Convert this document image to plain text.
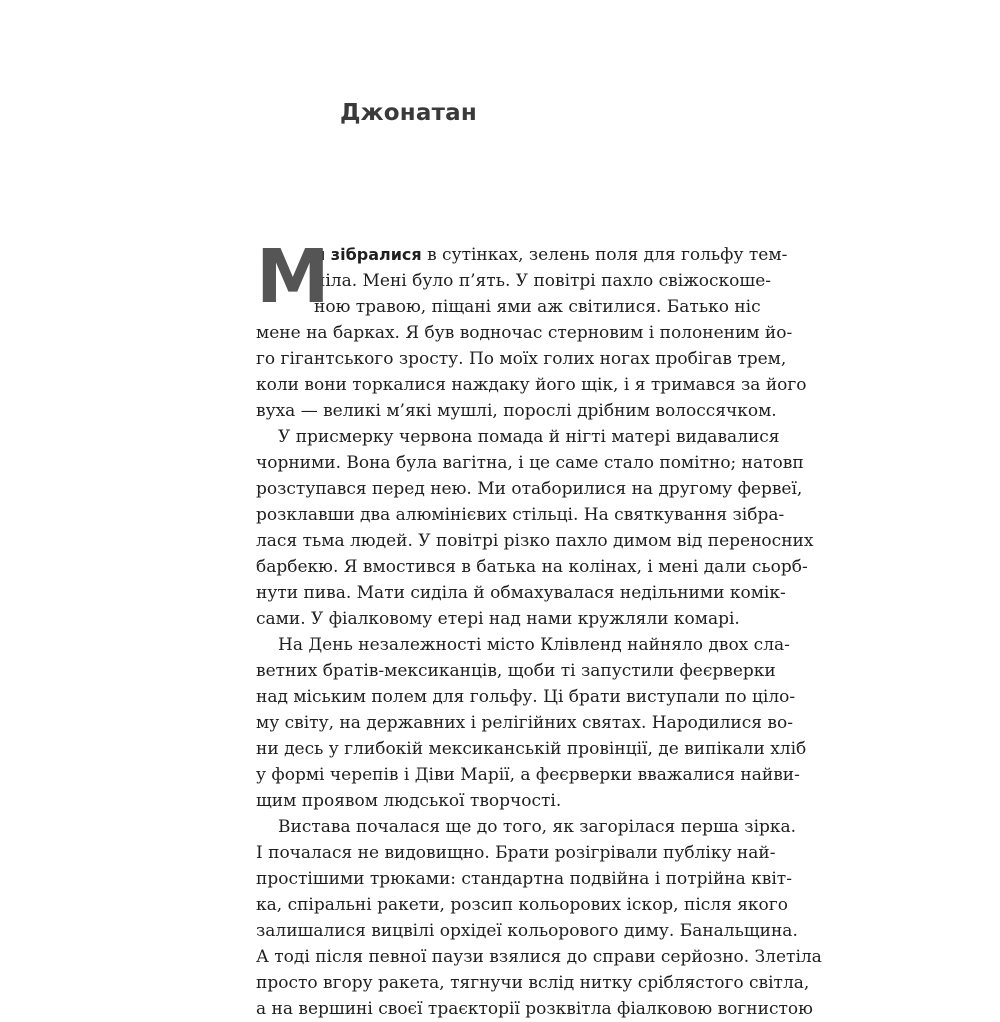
Джонатан
М
и зібралися в сутінках, зелень поля для гольфу тем-
ніла. Мені було п’ять. У повітрі пахло свіжоскоше-
ною травою, піщані ями аж світилися. Батько ніс
мене на барках. Я був водночас стерновим і полоненим йо-
го гігантського зросту. По моїх голих ногах пробігав трем,
коли вони торкалися наждаку його щік, і я тримався за його
вуха — великі м’які мушлі, порослі дрібним волоссячком.
У присмерку червона помада й нігті матері видавалися
чорними. Вона була вагітна, і це саме стало помітно; натовп
розступався перед нею. Ми отаборилися на другому фервеї,
розклавши два алюмінієвих стільці. На святкування зібра-
лася тьма людей. У повітрі різко пахло димом від переносних
барбекю. Я вмостився в батька на колінах, і мені дали сьорб-
нути пива. Мати сиділа й обмахувалася недільними комік-
сами. У фіалковому етері над нами кружляли комарі.
На День незалежності місто Клівленд найняло двох сла-
ветних братів-мексиканців, щоби ті запустили феєрверки
над міським полем для гольфу. Ці брати виступали по цілo-
му світу, на державних і релігійних святах. Народилися во-
ни десь у глибокій мексиканській провінції, де випікали хліб
у формі черепів і Діви Марії, а феєрверки вважалися найви-
щим проявом людської творчості.
Вистава почалася ще до того, як загорілася перша зірка.
І почалася не видовищно. Брати розігрівали публіку най-
простішими трюками: стандартна подвійна і потрійна квіт-
ка, спіральні ракети, розсип кольорових іскор, після якого
залишалися вицвілі орхідеї кольорового диму. Банальщина.
А тоді після певної паузи взялися до справи серйозно. Злетіла
просто вгору ракета, тягнучи вслід нитку сріблястого світла,
а на вершині своєї траєкторії розквітла фіалковою вогнистою
